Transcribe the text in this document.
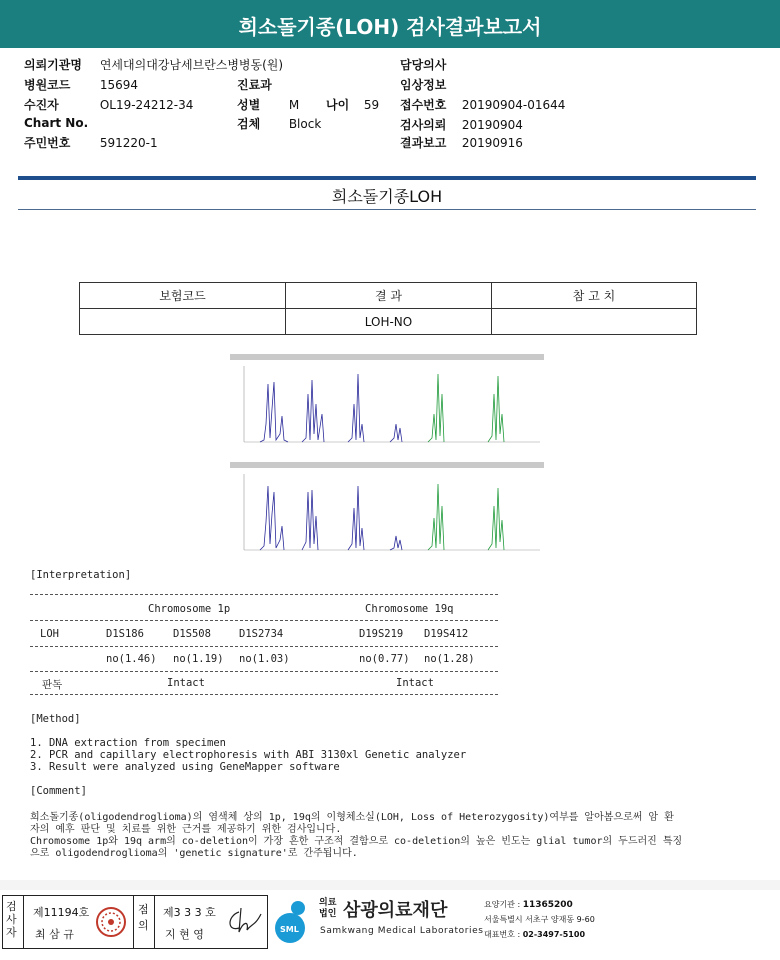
희소돌기종(LOH) 검사결과보고서
의뢰기관명 연세대의대강남세브란스병병동(원)
병원코드 15694	진료과
수진자	OL19-24212-34	성별 M 나이 59
Chart No.	검체 Block
주민번호 591220-1
담당의사
임상정보
접수번호 20190904-01644
검사의뢰 20190904
결과보고 20190916
희소돌기종LOH
보험코드	결 과	참 고 치
	LOH-NO	
[Interpretation]
Chromosome 1p	Chromosome 19q
LOH	D1S186	D1S508	D1S2734	D19S219 D19S412
no(1.46) no(1.19) no(1.03)	no(0.77) no(1.28)
판독	Intact	Intact
[Method]
1. DNA extraction from specimen
2. PCR and capillary electrophoresis with ABI 3130xl Genetic analyzer
3. Result were analyzed using GeneMapper software
[Comment]
희소돌기종(oligodendroglioma)의 염색체 상의 1p, 19q의 이형체소실(LOH, Loss of Heterozygosity)여부를 알아봄으로써 암 환
자의 예후 판단 및 치료를 위한 근거를 제공하기 위한 검사입니다.
Chromosome 1p와 19q arm의 co-deletion이 가장 흔한 구조적 결함으로 co-deletion의 높은 빈도는 glial tumor의 두드러진 특징
으로 oligodendroglioma의 'genetic signature'로 간주됩니다.
검사자
제11194호
최 삼 규
점의
제3 3 3 호
지 현 영	SML
의료법인 삼광의료재단
Samkwang Medical Laboratories
요양기관 : 11365200
서울특별시 서초구 양재동 9-60
대표번호 : 02-3497-5100
